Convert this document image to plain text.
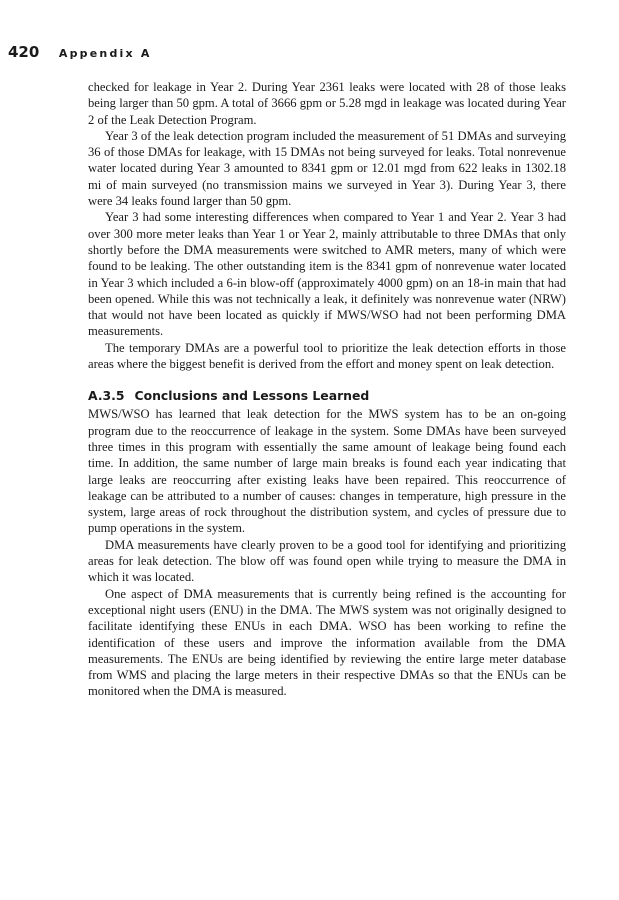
420 Appendix A

checked for leakage in Year 2. During Year 2361 leaks were located with 28 of those leaks being larger than 50 gpm. A total of 3666 gpm or 5.28 mgd in leakage was located during Year 2 of the Leak Detection Program.

Year 3 of the leak detection program included the measurement of 51 DMAs and surveying 36 of those DMAs for leakage, with 15 DMAs not being surveyed for leaks. Total nonrevenue water located during Year 3 amounted to 8341 gpm or 12.01 mgd from 622 leaks in 1302.18 mi of main surveyed (no transmission mains we surveyed in Year 3). During Year 3, there were 34 leaks found larger than 50 gpm.

Year 3 had some interesting differences when compared to Year 1 and Year 2. Year 3 had over 300 more meter leaks than Year 1 or Year 2, mainly attributable to three DMAs that only shortly before the DMA measurements were switched to AMR meters, many of which were found to be leaking. The other outstanding item is the 8341 gpm of nonrevenue water located in Year 3 which included a 6-in blow-off (approximately 4000 gpm) on an 18-in main that had been opened. While this was not technically a leak, it definitely was nonrevenue water (NRW) that would not have been located as quickly if MWS/WSO had not been performing DMA measurements.

The temporary DMAs are a powerful tool to prioritize the leak detection efforts in those areas where the biggest benefit is derived from the effort and money spent on leak detection.

A.3.5 Conclusions and Lessons Learned

MWS/WSO has learned that leak detection for the MWS system has to be an on-going program due to the reoccurrence of leakage in the system. Some DMAs have been surveyed three times in this program with essentially the same amount of leakage being found each time. In addition, the same number of large main breaks is found each year indicating that large leaks are reoccurring after existing leaks have been repaired. This reoccurrence of leakage can be attributed to a number of causes: changes in temperature, high pressure in the system, large areas of rock throughout the distribution system, and cycles of pressure due to pump operations in the system.

DMA measurements have clearly proven to be a good tool for identifying and prioritizing areas for leak detection. The blow off was found open while trying to measure the DMA in which it was located.

One aspect of DMA measurements that is currently being refined is the accounting for exceptional night users (ENU) in the DMA. The MWS system was not originally designed to facilitate identifying these ENUs in each DMA. WSO has been working to refine the identification of these users and improve the information available from the DMA measurements. The ENUs are being identified by reviewing the entire large meter database from WMS and placing the large meters in their respective DMAs so that the ENUs can be monitored when the DMA is measured.
